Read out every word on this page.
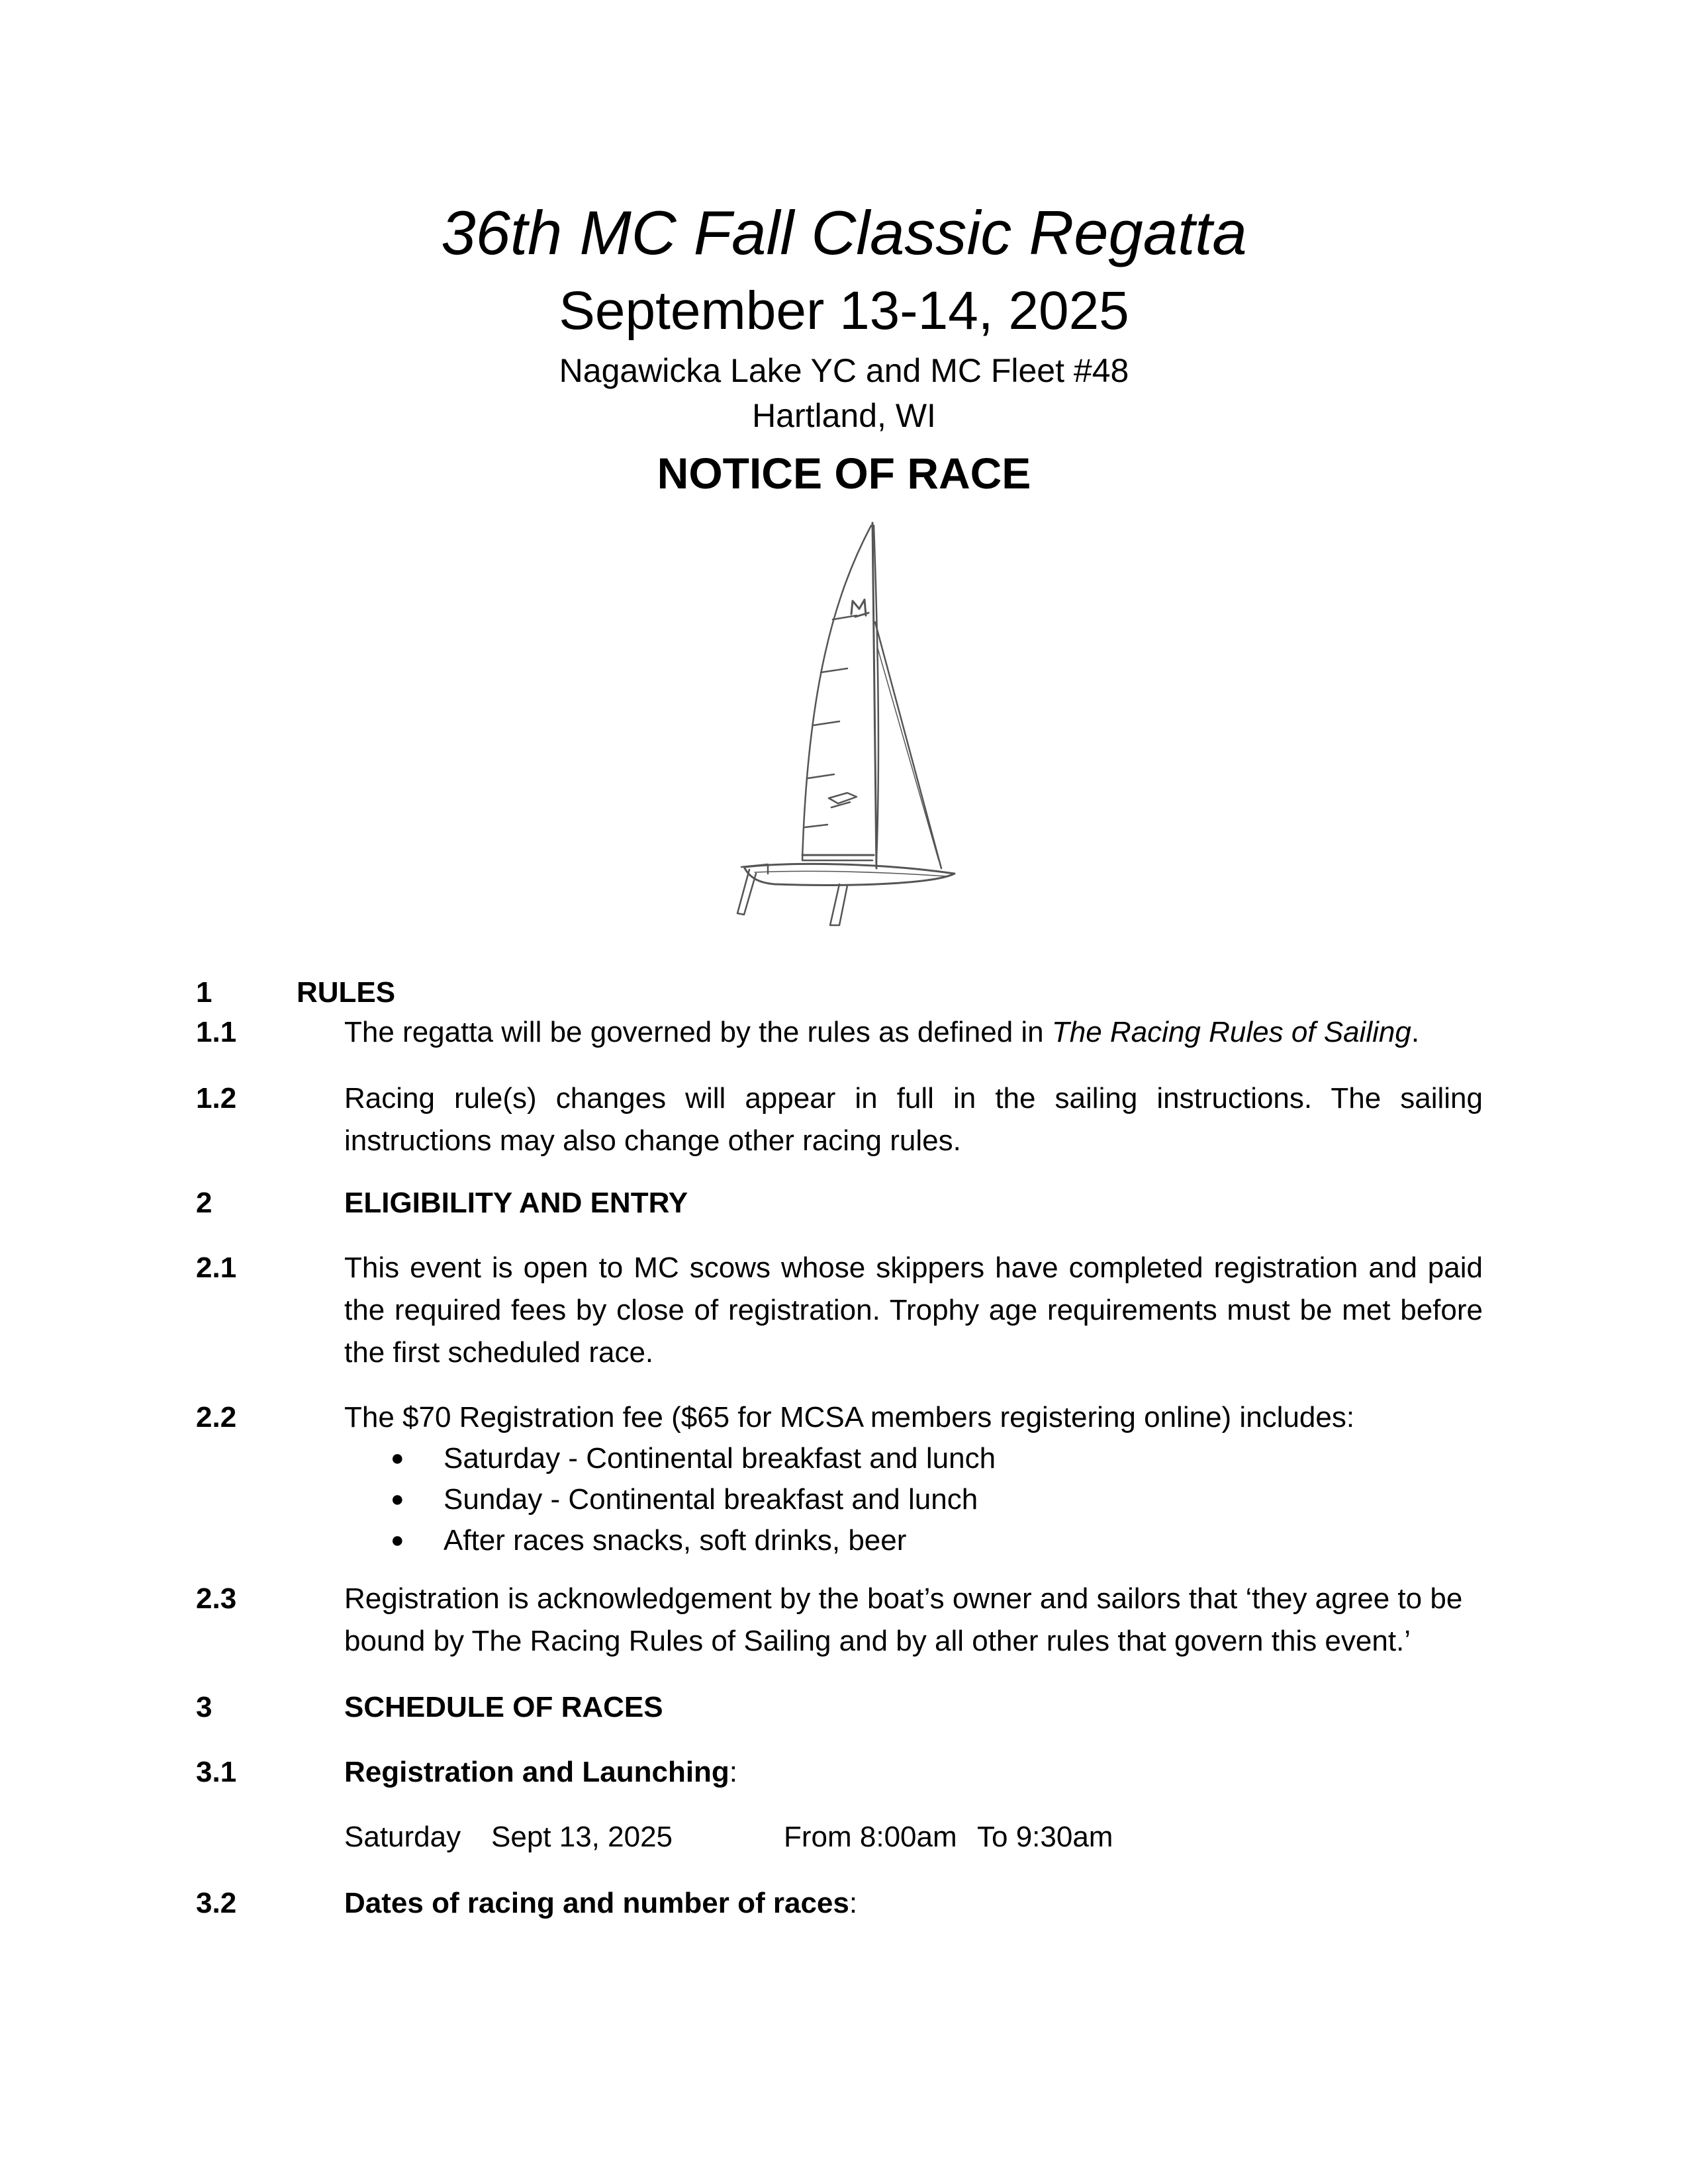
36th MC Fall Classic Regatta
September 13-14, 2025
Nagawicka Lake YC and MC Fleet #48
Hartland, WI
NOTICE OF RACE
1	RULES
1.1	The regatta will be governed by the rules as defined in The Racing Rules of Sailing.
1.2	Racing rule(s) changes will appear in full in the sailing instructions. The sailing instructions may also change other racing rules.

2	ELIGIBILITY AND ENTRY
2.1	This event is open to MC scows whose skippers have completed registration and paid the required fees by close of registration. Trophy age requirements must be met before the first scheduled race.

2.2	The $70 Registration fee ($65 for MCSA members registering online) includes:
● Saturday - Continental breakfast and lunch
● Sunday - Continental breakfast and lunch
● After races snacks, soft drinks, beer
2.3	Registration is acknowledgement by the boat’s owner and sailors that ‘they agree to be bound by The Racing Rules of Sailing and by all other rules that govern this event.’

3	SCHEDULE OF RACES
3.1	Registration and Launching:
Saturday Sept 13, 2025	From 8:00am To 9:30am
3.2	Dates of racing and number of races:
